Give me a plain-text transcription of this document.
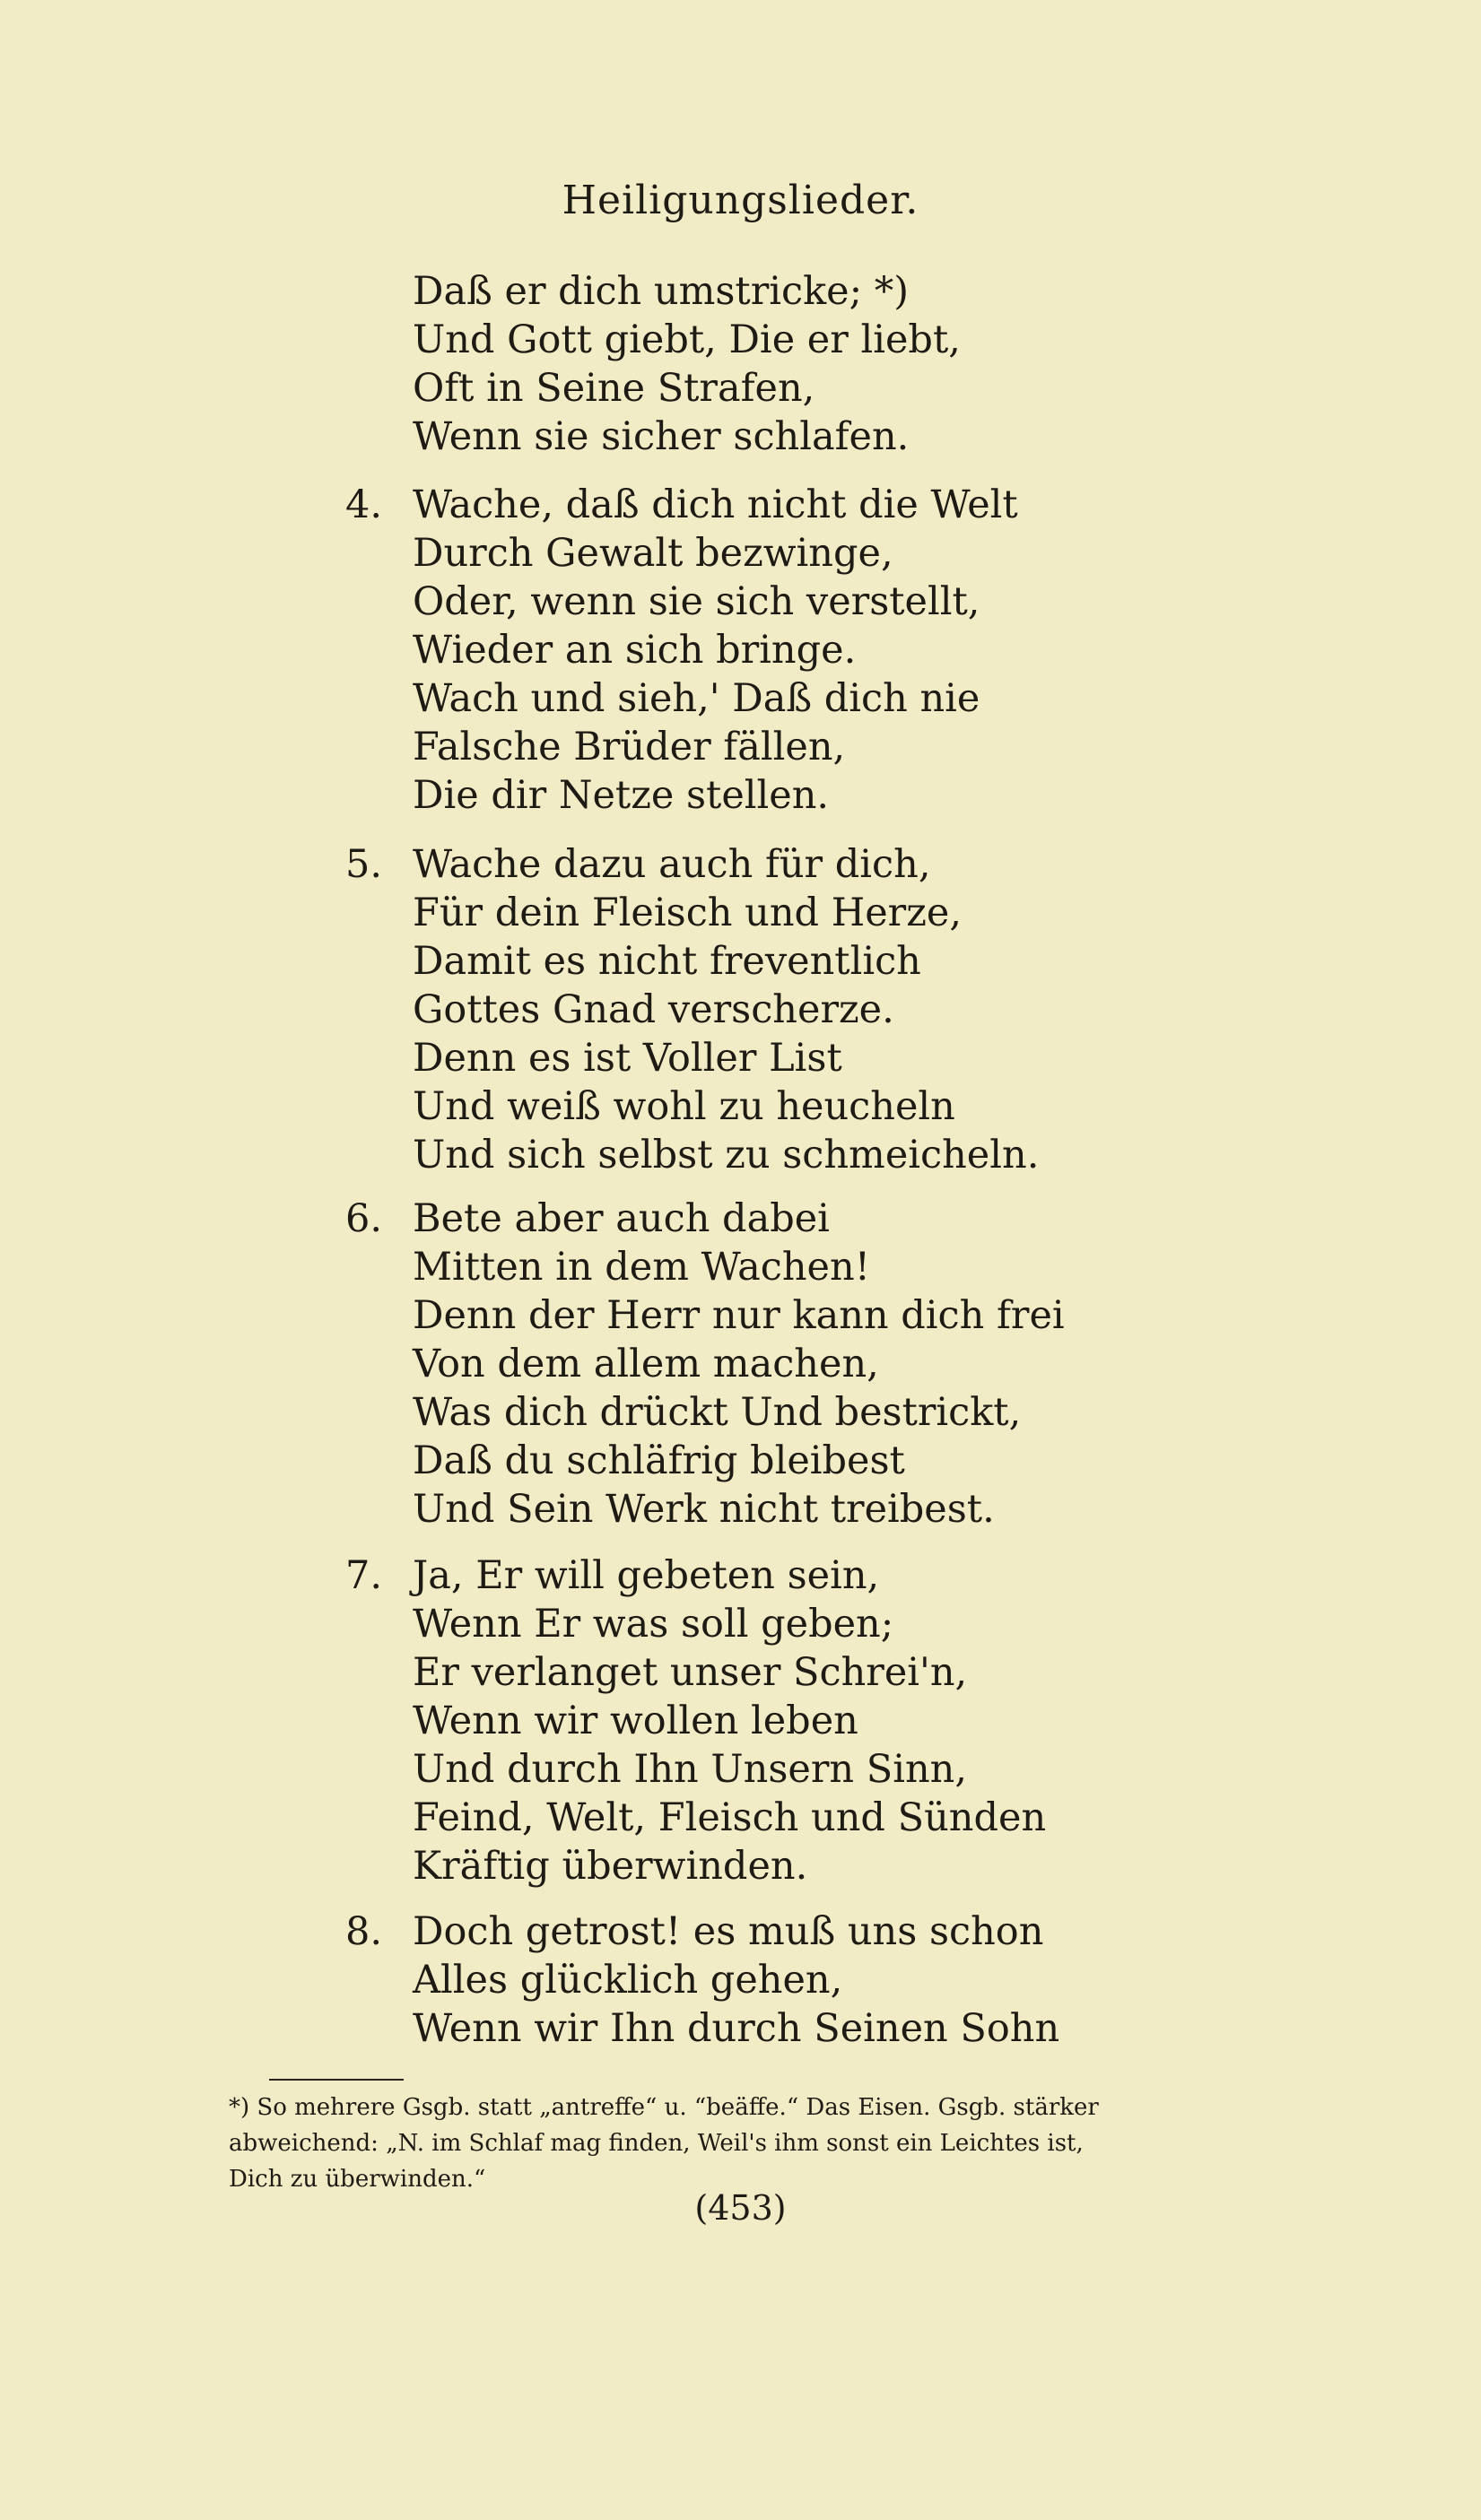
Heiligungslieder.
Daß er dich umstricke; *)
Und Gott giebt, Die er liebt,
Oft in Seine Strafen,
Wenn sie sicher schlafen.
4. Wache, daß dich nicht die Welt
Durch Gewalt bezwinge,
Oder, wenn sie sich verstellt,
Wieder an sich bringe.
Wach und sieh,' Daß dich nie
Falsche Brüder fällen,
Die dir Netze stellen.
5. Wache dazu auch für dich,
Für dein Fleisch und Herze,
Damit es nicht freventlich
Gottes Gnad verscherze.
Denn es ist Voller List
Und weiß wohl zu heucheln
Und sich selbst zu schmeicheln.
6. Bete aber auch dabei
Mitten in dem Wachen!
Denn der Herr nur kann dich frei
Von dem allem machen,
Was dich drückt Und bestrickt,
Daß du schläfrig bleibest
Und Sein Werk nicht treibest.
7. Ja, Er will gebeten sein,
Wenn Er was soll geben;
Er verlanget unser Schrei'n,
Wenn wir wollen leben
Und durch Ihn Unsern Sinn,
Feind, Welt, Fleisch und Sünden
Kräftig überwinden.
8. Doch getrost! es muß uns schon
Alles glücklich gehen,
Wenn wir Ihn durch Seinen Sohn
*) So mehrere Gsgb. statt „antreffe“ u. “beäffe.“ Das Eisen. Gsgb. stärker
abweichend: „N. im Schlaf mag finden, Weil's ihm sonst ein Leichtes ist,
Dich zu überwinden.“
(453)
